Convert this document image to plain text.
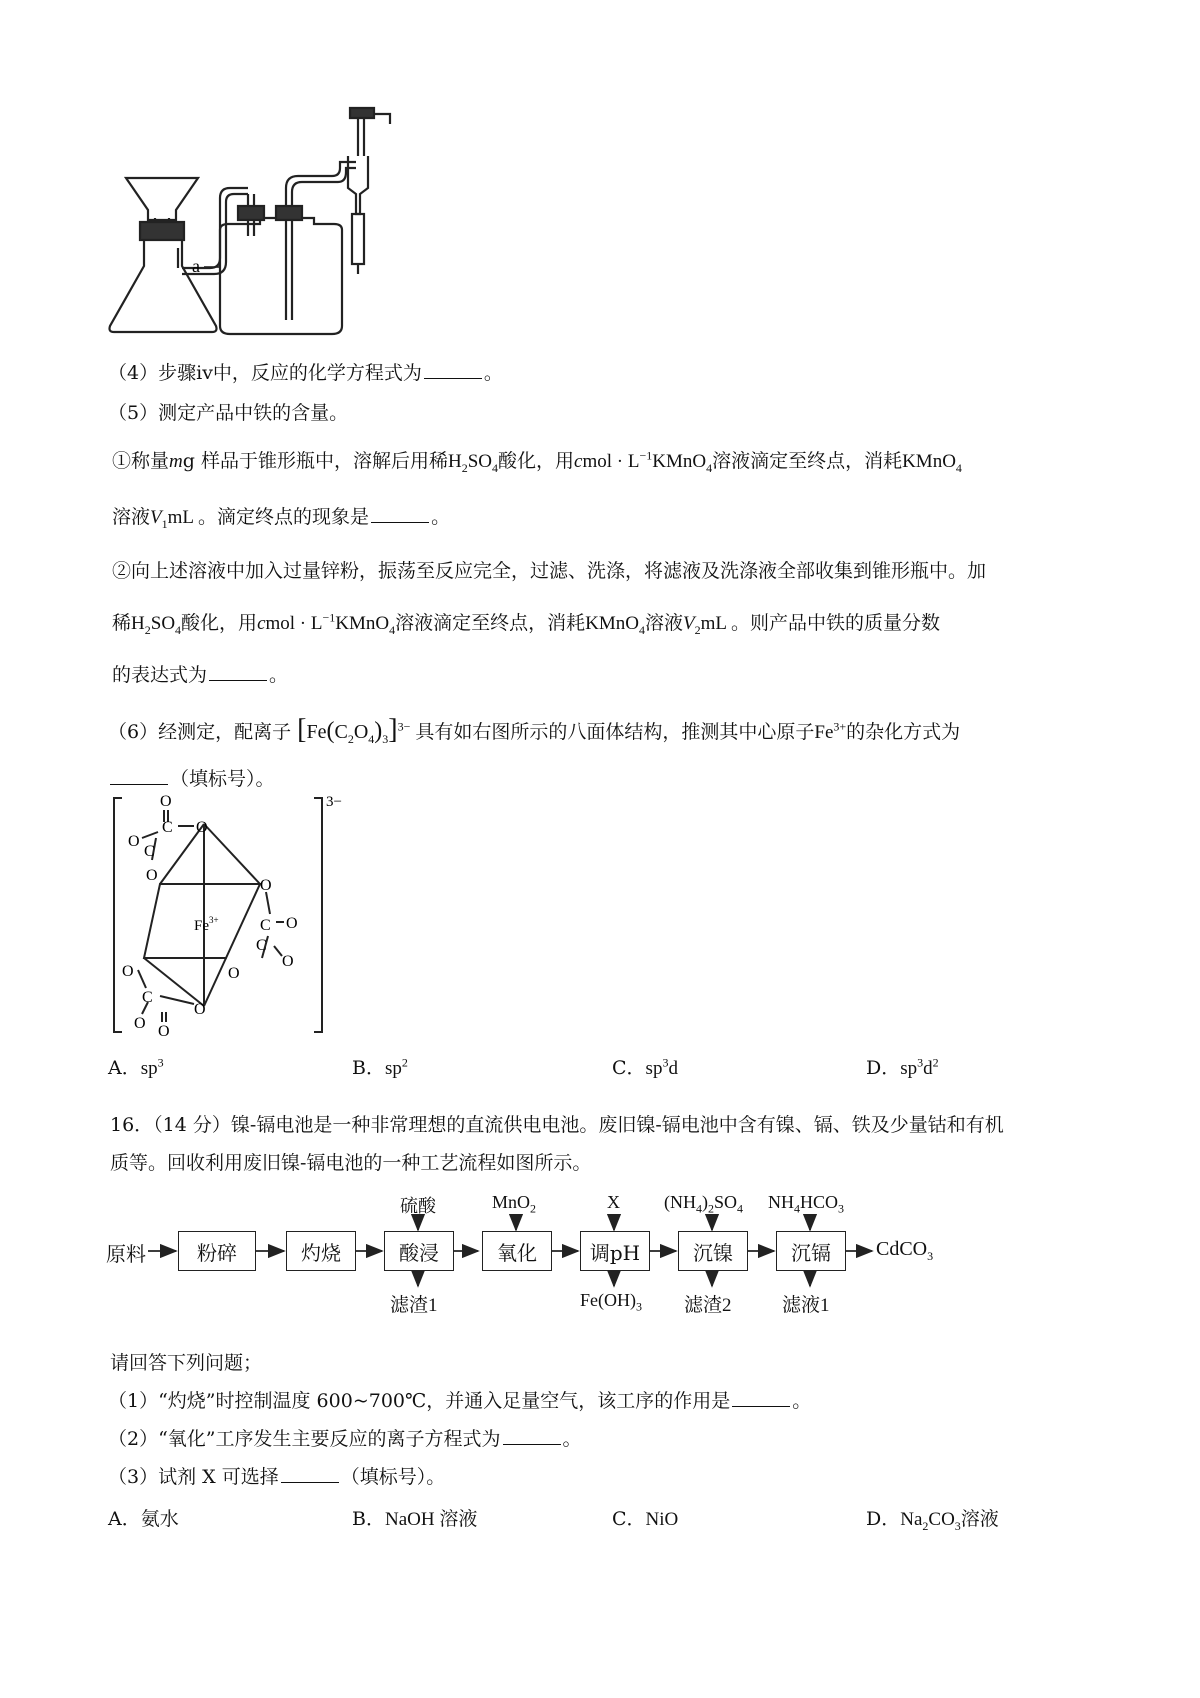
a
（4）步骤ⅳ中，反应的化学方程式为	。
（5）测定产品中铁的含量。
①称量mg 样品于锥形瓶中，溶解后用稀$H_2SO_4$酸化，用cmol · $L^{-1}KMnO_4$溶液滴定至终点，消耗KMnO$_4$
溶液$V_1mL$ 。滴定终点的现象是	。
②向上述溶液中加入过量锌粉，振荡至反应完全，过滤、洗涤，将滤液及洗涤液全部收集到锥形瓶中。加
稀$H_2SO_4$酸化，用cmol · $L^{-1}KMnO_4$溶液滴定至终点，消耗KMnO$_4$溶液$V_2mL$ 。则产品中铁的质量分数
的表达式为	。
（6）经测定，配离子 $[Fe(C_2O_4)_3]^{3-}$ 具有如右图所示的八面体结构，推测其中心原子$Fe^{3+}$的杂化方式为
（填标号）。
3−
$Fe^{3+}$
O
C O
O
C
O
O
C O
C
O
O
O
C
O
O O
A．$sp^3$	B．$sp^2$	C．$sp^3d$	D．$sp^3d^2$
16．（14 分）镍-镉电池是一种非常理想的直流供电电池。废旧镍-镉电池中含有镍、镉、铁及少量钴和有机
质等。回收利用废旧镍-镉电池的一种工艺流程如图所示。
原料	粉碎	灼烧	酸浸	氧化	调pH	沉镍	沉镉 CdCO$_3$
硫酸	MnO$_2$	X $(NH_4)_2SO_4$ $NH_4HCO_3$
滤渣1	$Fe(OH)_3$ 滤渣2	滤液1
请回答下列问题；
（1）“灼烧”时控制温度 600~700℃，并通入足量空气，该工序的作用是	。
（2）“氧化”工序发生主要反应的离子方程式为	。
（3）试剂 X 可选择	（填标号）。
A．氨水	B．NaOH 溶液	C．NiO	D．$Na_2CO_3$溶液
